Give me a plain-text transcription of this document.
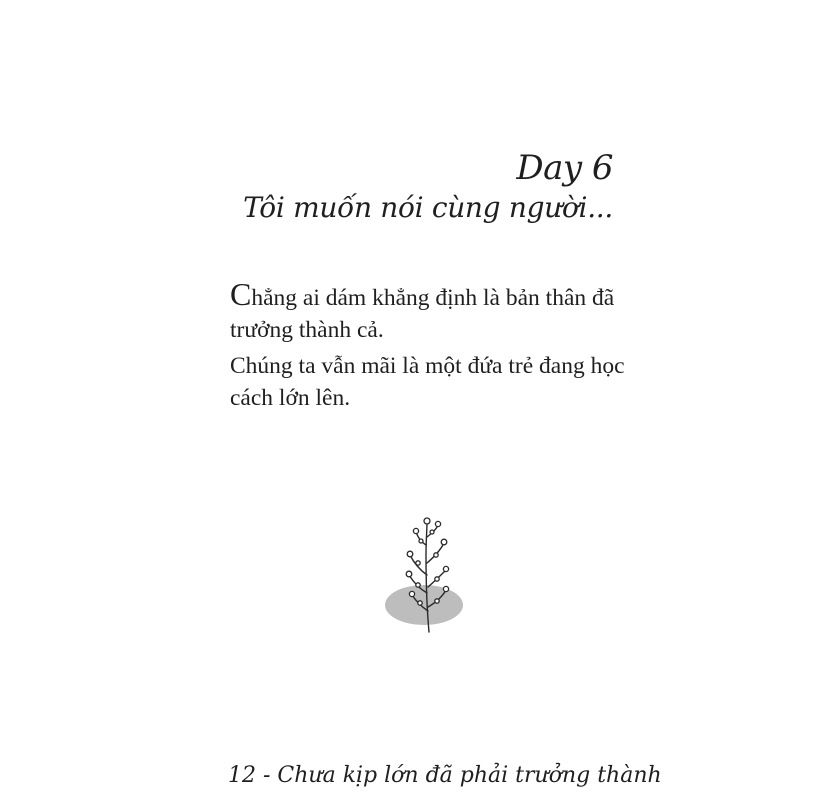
Day 6
Tôi muốn nói cùng người...

Chẳng ai dám khẳng định là bản thân đã trưởng thành cả.

Chúng ta vẫn mãi là một đứa trẻ đang học cách lớn lên.

12 - Chưa kịp lớn đã phải trưởng thành
